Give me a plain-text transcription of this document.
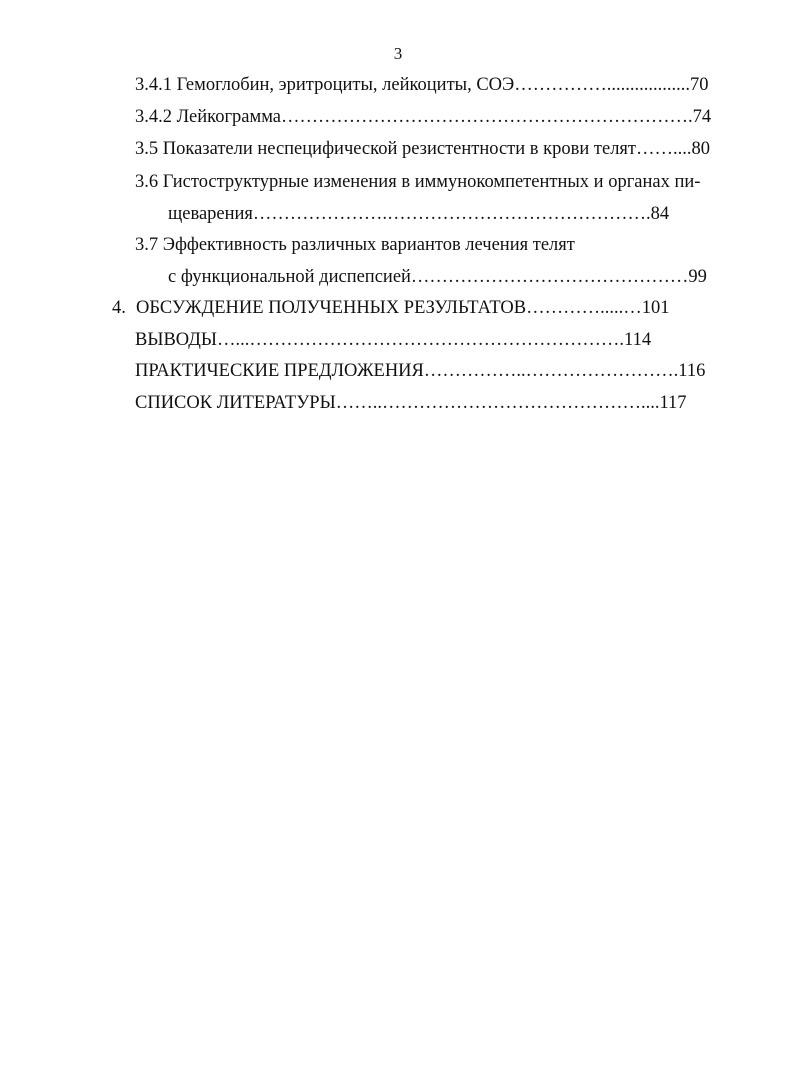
3
3.4.1 Гемоглобин, эритроциты, лейкоциты, СОЭ……………..................70
3.4.2 Лейкограмма………………………………………………………….74
3.5 Показатели неспецифической резистентности в крови телят……....80
3.6 Гистоструктурные изменения в иммунокомпетентных и органах пи-
щеварения………………….…………………………………….84
3.7 Эффективность различных вариантов лечения телят
с функциональной диспепсией………………………………………99
4. ОБСУЖДЕНИЕ ПОЛУЧЕННЫХ РЕЗУЛЬТАТОВ………….....…101
ВЫВОДЫ…...…………………………………………………….114
ПРАКТИЧЕСКИЕ ПРЕДЛОЖЕНИЯ……………..…………………….116
СПИСОК ЛИТЕРАТУРЫ……..……………………………………....117
